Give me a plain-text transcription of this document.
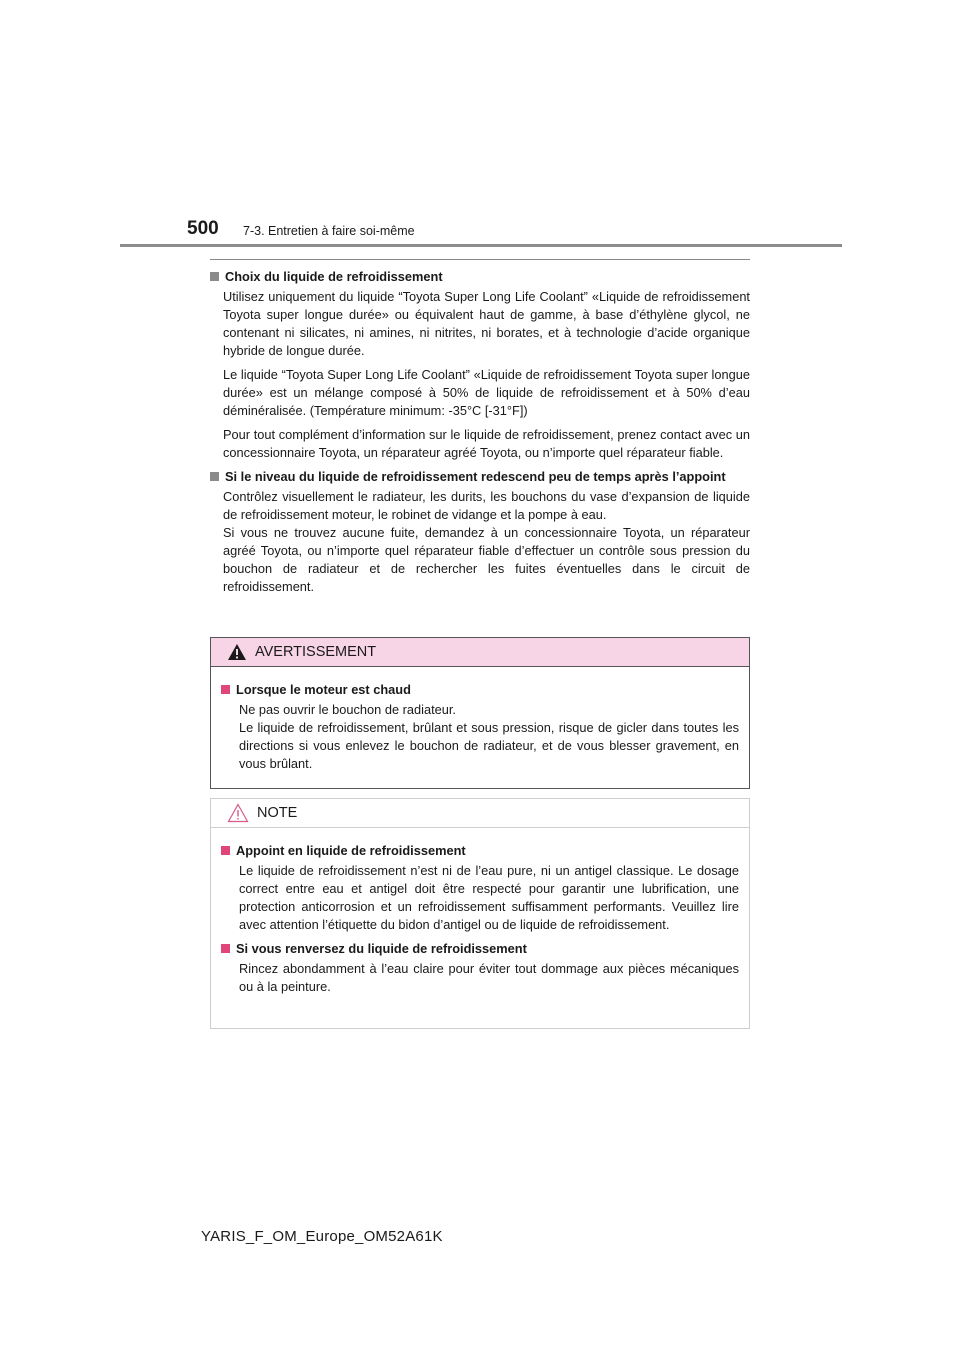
500 7-3. Entretien à faire soi-même
Choix du liquide de refroidissement

Utilisez uniquement du liquide “Toyota Super Long Life Coolant” «Liquide de refroidissement Toyota super longue durée» ou équivalent haut de gamme, à base d’éthylène glycol, ne contenant ni silicates, ni amines, ni nitrites, ni borates, et à technologie d’acide organique hybride de longue durée.

Le liquide “Toyota Super Long Life Coolant” «Liquide de refroidissement Toyota super longue durée» est un mélange composé à 50% de liquide de refroidissement et à 50% d’eau déminéralisée. (Température minimum: -35°C [-31°F])

Pour tout complément d’information sur le liquide de refroidissement, prenez contact avec un concessionnaire Toyota, un réparateur agréé Toyota, ou n’importe quel réparateur fiable.

Si le niveau du liquide de refroidissement redescend peu de temps après l’appoint

Contrôlez visuellement le radiateur, les durits, les bouchons du vase d’expansion de liquide de refroidissement moteur, le robinet de vidange et la pompe à eau.

Si vous ne trouvez aucune fuite, demandez à un concessionnaire Toyota, un réparateur agréé Toyota, ou n’importe quel réparateur fiable d’effectuer un contrôle sous pression du bouchon de radiateur et de rechercher les fuites éventuelles dans le circuit de refroidissement.

AVERTISSEMENT
Lorsque le moteur est chaud

Ne pas ouvrir le bouchon de radiateur.

Le liquide de refroidissement, brûlant et sous pression, risque de gicler dans toutes les directions si vous enlevez le bouchon de radiateur, et de vous blesser gravement, en vous brûlant.

NOTE
Appoint en liquide de refroidissement

Le liquide de refroidissement n’est ni de l’eau pure, ni un antigel classique. Le dosage correct entre eau et antigel doit être respecté pour garantir une lubrification, une protection anticorrosion et un refroidissement suffisamment performants. Veuillez lire avec attention l’étiquette du bidon d’antigel ou de liquide de refroidissement.

Si vous renversez du liquide de refroidissement

Rincez abondamment à l’eau claire pour éviter tout dommage aux pièces mécaniques ou à la peinture.

YARIS_F_OM_Europe_OM52A61K
